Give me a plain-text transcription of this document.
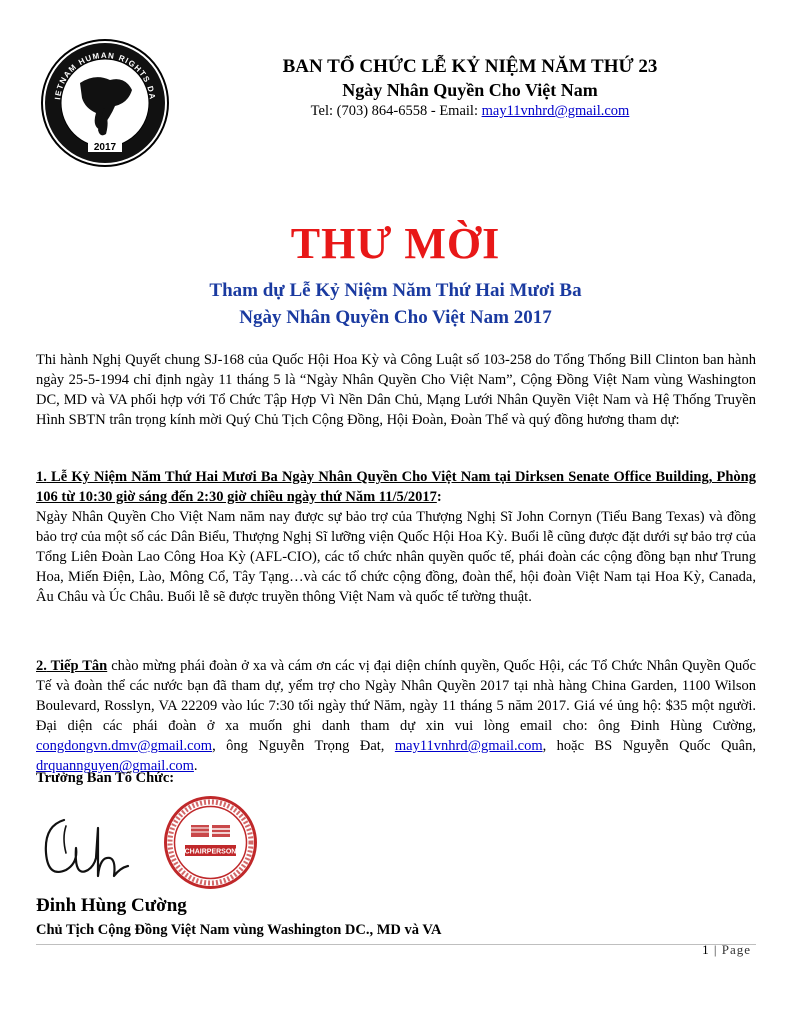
IETNAM HUMAN RIGHTS DA
2017
BAN TỔ CHỨC LỄ KỶ NIỆM NĂM THỨ 23
Ngày Nhân Quyền Cho Việt Nam
Tel: (703) 864-6558 - Email: may11vnhrd@gmail.com
THƯ MỜI
Tham dự Lễ Kỷ Niệm Năm Thứ Hai Mươi Ba
Ngày Nhân Quyền Cho Việt Nam 2017
Thi hành Nghị Quyết chung SJ-168 của Quốc Hội Hoa Kỳ và Công Luật số 103-258 do Tổng Thống Bill Clinton ban hành ngày 25-5-1994 chỉ định ngày 11 tháng 5 là “Ngày Nhân Quyền Cho Việt Nam”, Cộng Đồng Việt Nam vùng Washington DC, MD và VA phối hợp với Tổ Chức Tập Hợp Vì Nền Dân Chủ, Mạng Lưới Nhân Quyền Việt Nam và Hệ Thống Truyền Hình SBTN trân trọng kính mời Quý Chủ Tịch Cộng Đồng, Hội Đoàn, Đoàn Thể và quý đồng hương tham dự:
1. Lễ Kỷ Niệm Năm Thứ Hai Mươi Ba Ngày Nhân Quyền Cho Việt Nam tại Dirksen Senate Office Building, Phòng 106 từ 10:30 giờ sáng đến 2:30 giờ chiều ngày thứ Năm 11/5/2017:
Ngày Nhân Quyền Cho Việt Nam năm nay được sự bảo trợ của Thượng Nghị Sĩ John Cornyn (Tiểu Bang Texas) và đồng bảo trợ của một số các Dân Biểu, Thượng Nghị Sĩ lưỡng viện Quốc Hội Hoa Kỳ. Buổi lễ cũng được đặt dưới sự bảo trợ của Tổng Liên Đoàn Lao Công Hoa Kỳ (AFL-CIO), các tổ chức nhân quyền quốc tế, phái đoàn các cộng đồng bạn như Trung Hoa, Miến Điện, Lào, Mông Cổ, Tây Tạng…và các tổ chức cộng đồng, đoàn thể, hội đoàn Việt Nam tại Hoa Kỳ, Canada, Âu Châu và Úc Châu. Buổi lễ sẽ được truyền thông Việt Nam và quốc tế tường thuật.
2. Tiếp Tân chào mừng phái đoàn ở xa và cám ơn các vị đại diện chính quyền, Quốc Hội, các Tổ Chức Nhân Quyền Quốc Tế và đoàn thể các nước bạn đã tham dự, yểm trợ cho Ngày Nhân Quyền 2017 tại nhà hàng China Garden, 1100 Wilson Boulevard, Rosslyn, VA 22209 vào lúc 7:30 tối ngày thứ Năm, ngày 11 tháng 5 năm 2017. Giá vé ủng hộ: $35 một người. Đại diện các phái đoàn ở xa muốn ghi danh tham dự xin vui lòng email cho: ông Đinh Hùng Cường, congdongvn.dmv@gmail.com, ông Nguyễn Trọng Đat, may11vnhrd@gmail.com, hoặc BS Nguyễn Quốc Quân, drquannguyen@gmail.com.
Trưởng Ban Tổ Chức:
CHAIRPERSON
Đinh Hùng Cường
Chủ Tịch Cộng Đồng Việt Nam vùng Washington DC., MD và VA
1 | Page
